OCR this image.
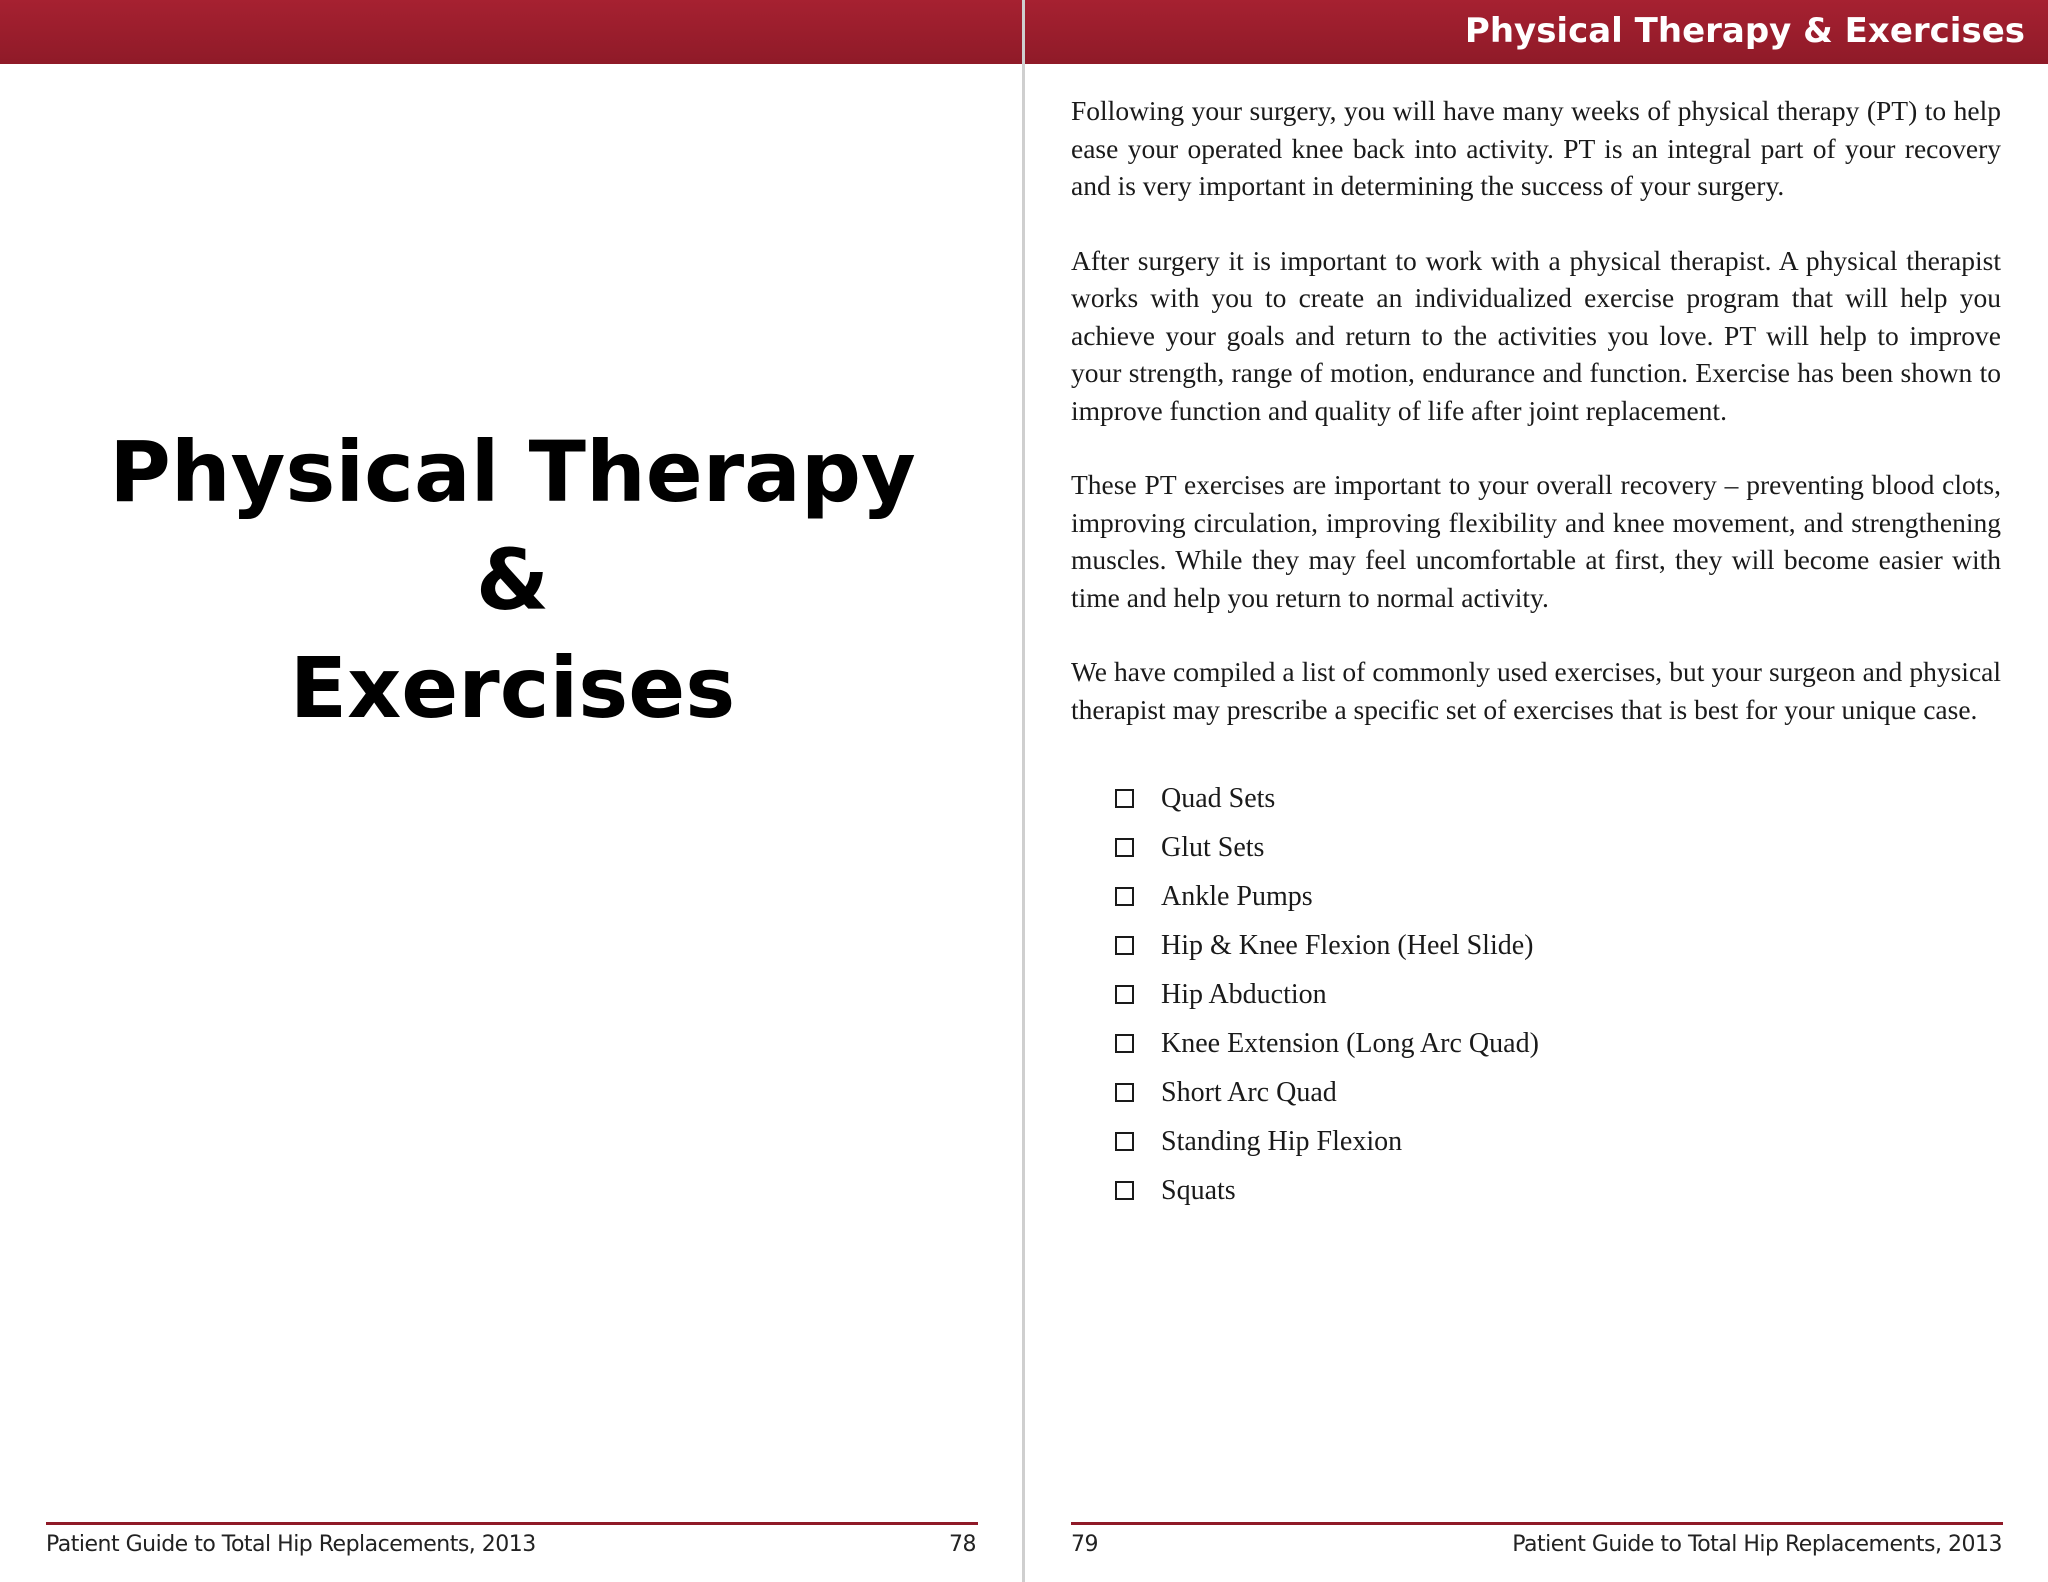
Physical Therapy &
Exercises
Patient Guide to Total Hip Replacements, 2013	78
Physical Therapy & Exercises

Following your surgery, you will have many weeks of physical therapy (PT) to help ease your operated knee back into activity. PT is an integral part of your recovery and is very important in determining the success of your surgery.

After surgery it is important to work with a physical therapist. A physical therapist works with you to create an individualized exercise program that will help you achieve your goals and return to the activities you love. PT will help to improve your strength, range of motion, endurance and function. Exercise has been shown to improve function and quality of life after joint replacement.

These PT exercises are important to your overall recovery – preventing blood clots, improving circulation, improving flexibility and knee movement, and strengthening muscles. While they may feel uncomfortable at first, they will become easier with time and help you return to normal activity.

We have compiled a list of commonly used exercises, but your surgeon and physical therapist may prescribe a specific set of exercises that is best for your unique case.

Quad Sets
Glut Sets
Ankle Pumps
Hip & Knee Flexion (Heel Slide)
Hip Abduction
Knee Extension (Long Arc Quad)
Short Arc Quad
Standing Hip Flexion
Squats
79	Patient Guide to Total Hip Replacements, 2013
